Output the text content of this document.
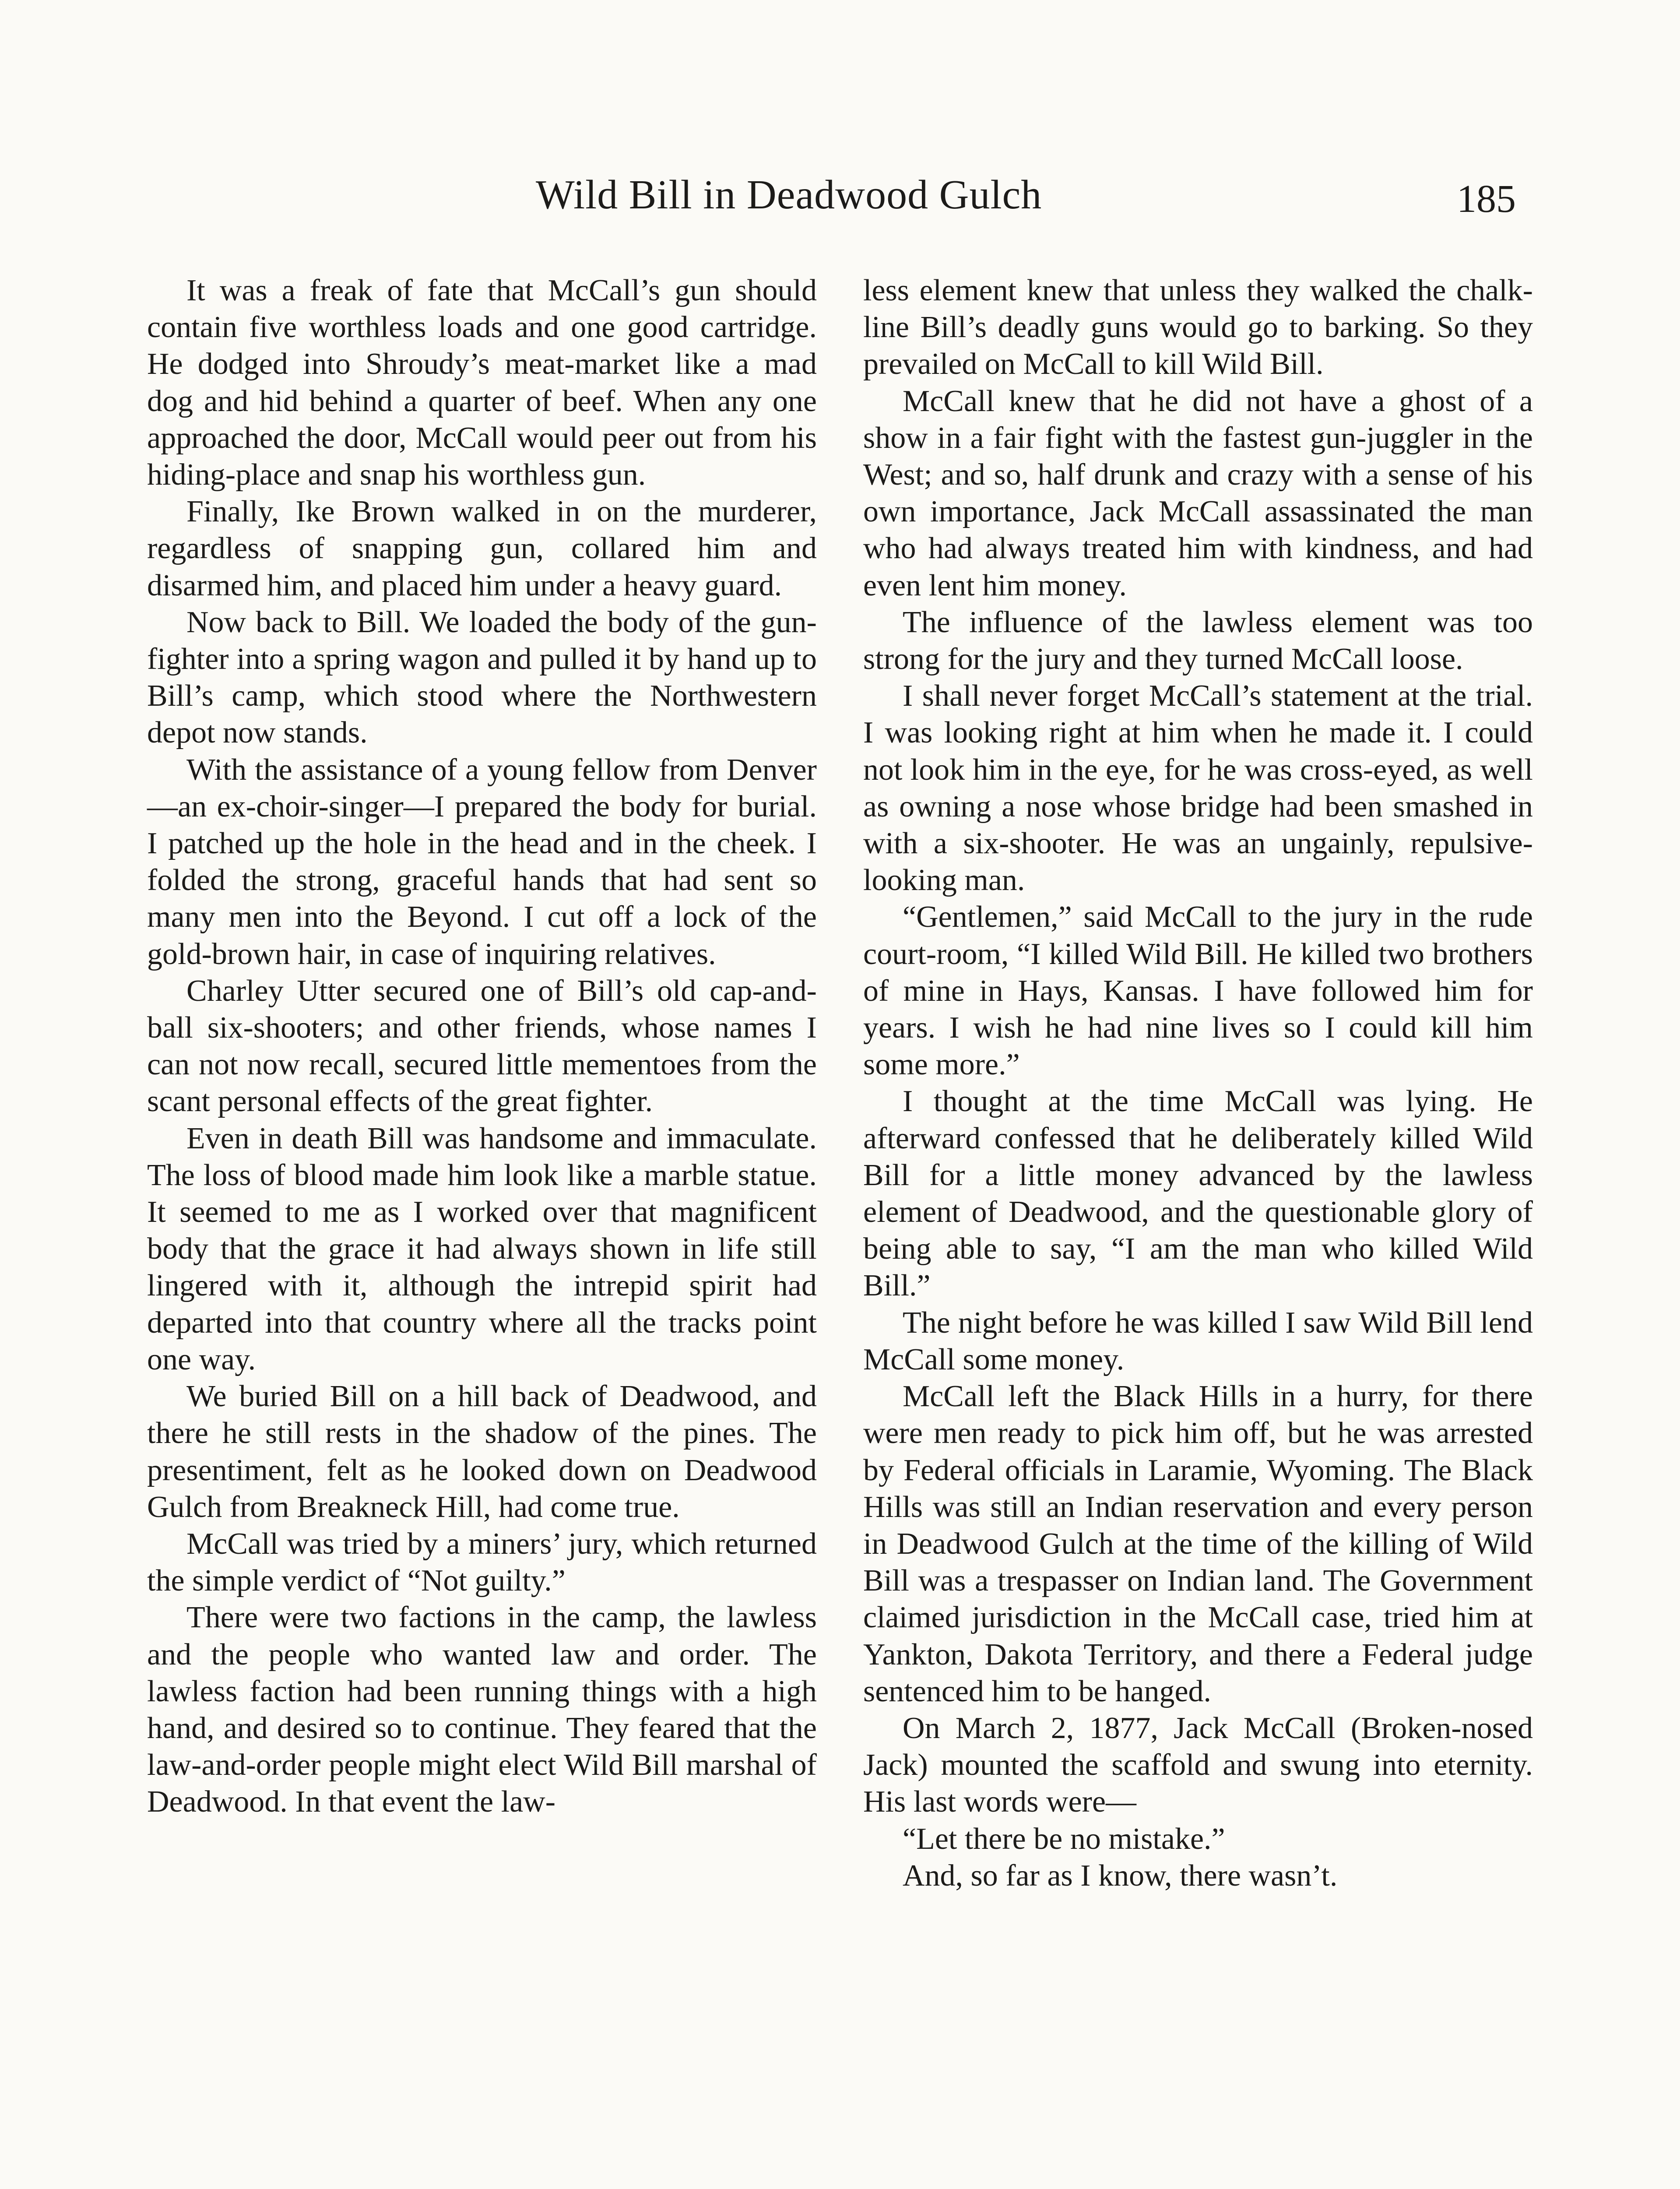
Wild Bill in Deadwood Gulch	185

It was a freak of fate that McCall’s gun should contain five worthless loads and one good cartridge. He dodged into Shroudy’s meat-market like a mad dog and hid behind a quarter of beef. When any one approached the door, McCall would peer out from his hiding-place and snap his worthless gun.

Finally, Ike Brown walked in on the murderer, regardless of snapping gun, collared him and disarmed him, and placed him under a heavy guard.

Now back to Bill. We loaded the body of the gun-fighter into a spring wagon and pulled it by hand up to Bill’s camp, which stood where the Northwestern depot now stands.

With the assistance of a young fellow from Denver—an ex-choir-singer—I prepared the body for burial. I patched up the hole in the head and in the cheek. I folded the strong, graceful hands that had sent so many men into the Beyond. I cut off a lock of the gold-brown hair, in case of inquiring relatives.

Charley Utter secured one of Bill’s old cap-and-ball six-shooters; and other friends, whose names I can not now recall, secured little mementoes from the scant personal effects of the great fighter.

Even in death Bill was handsome and immaculate. The loss of blood made him look like a marble statue. It seemed to me as I worked over that magnificent body that the grace it had always shown in life still lingered with it, although the intrepid spirit had departed into that country where all the tracks point one way.

We buried Bill on a hill back of Deadwood, and there he still rests in the shadow of the pines. The presentiment, felt as he looked down on Deadwood Gulch from Breakneck Hill, had come true.

McCall was tried by a miners’ jury, which returned the simple verdict of “Not guilty.”

There were two factions in the camp, the lawless and the people who wanted law and order. The lawless faction had been running things with a high hand, and desired so to continue. They feared that the law-and-order people might elect Wild Bill marshal of Deadwood. In that event the law-

less element knew that unless they walked the chalk-line Bill’s deadly guns would go to barking. So they prevailed on McCall to kill Wild Bill.

McCall knew that he did not have a ghost of a show in a fair fight with the fastest gun-juggler in the West; and so, half drunk and crazy with a sense of his own importance, Jack McCall assassinated the man who had always treated him with kindness, and had even lent him money.

The influence of the lawless element was too strong for the jury and they turned McCall loose.

I shall never forget McCall’s statement at the trial. I was looking right at him when he made it. I could not look him in the eye, for he was cross-eyed, as well as owning a nose whose bridge had been smashed in with a six-shooter. He was an ungainly, repulsive-looking man.

“Gentlemen,” said McCall to the jury in the rude court-room, “I killed Wild Bill. He killed two brothers of mine in Hays, Kansas. I have followed him for years. I wish he had nine lives so I could kill him some more.”

I thought at the time McCall was lying. He afterward confessed that he deliberately killed Wild Bill for a little money advanced by the lawless element of Deadwood, and the questionable glory of being able to say, “I am the man who killed Wild Bill.”

The night before he was killed I saw Wild Bill lend McCall some money.

McCall left the Black Hills in a hurry, for there were men ready to pick him off, but he was arrested by Federal officials in Laramie, Wyoming. The Black Hills was still an Indian reservation and every person in Deadwood Gulch at the time of the killing of Wild Bill was a trespasser on Indian land. The Government claimed jurisdiction in the McCall case, tried him at Yankton, Dakota Territory, and there a Federal judge sentenced him to be hanged.

On March 2, 1877, Jack McCall (Broken-nosed Jack) mounted the scaffold and swung into eternity. His last words were—

“Let there be no mistake.”

And, so far as I know, there wasn’t.
